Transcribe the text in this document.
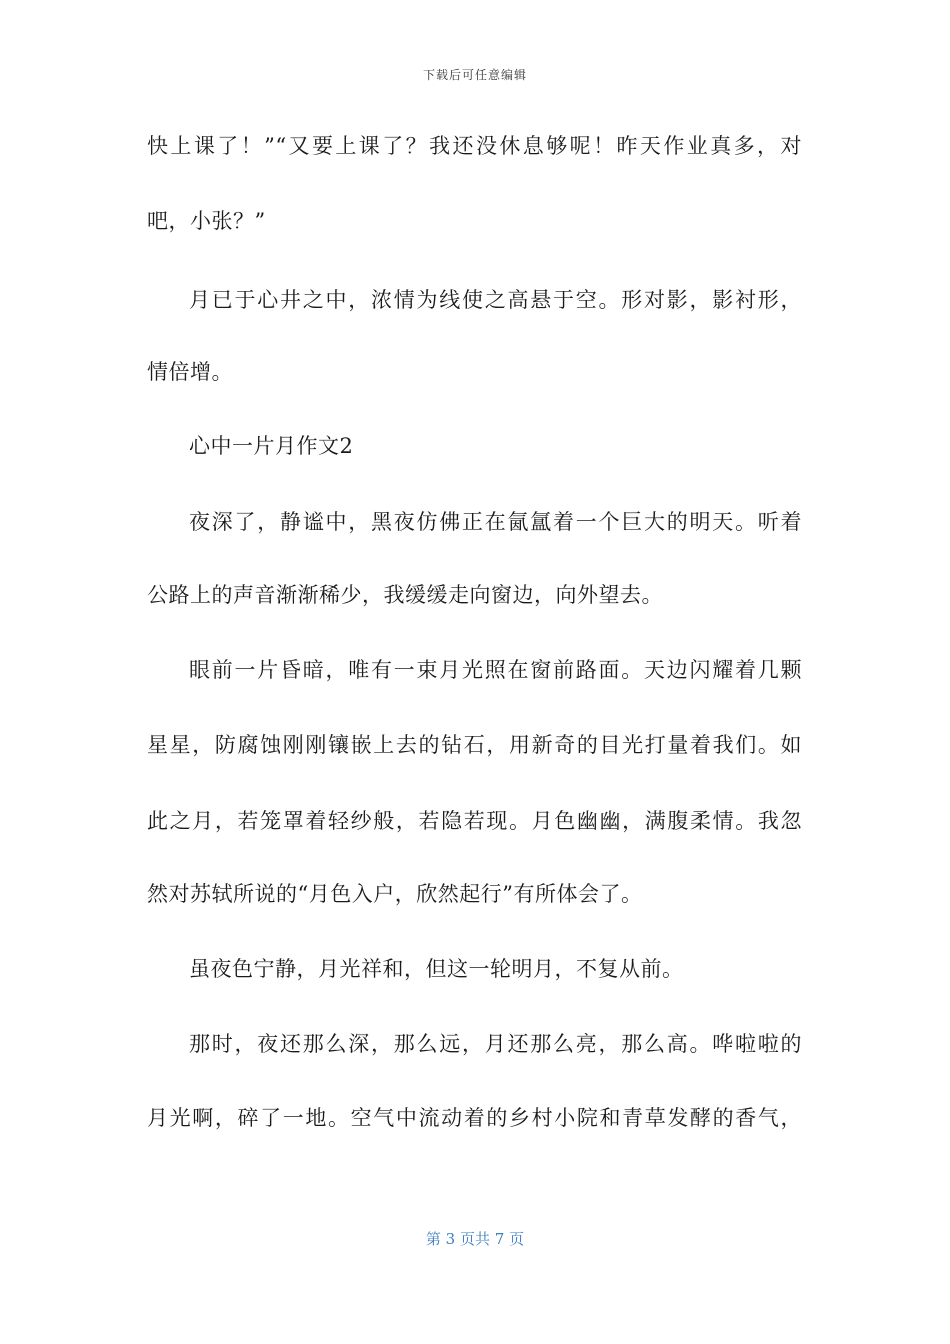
下载后可任意编辑
快上课了！”“又要上课了？我还没休息够呢！昨天作业真多，对
吧，小张？”
月已于心井之中，浓情为线使之高悬于空。形对影，影衬形，
情倍增。
心中一片月作文2
夜深了，静谧中，黑夜仿佛正在氤氲着一个巨大的明天。听着
公路上的声音渐渐稀少，我缓缓走向窗边，向外望去。
眼前一片昏暗，唯有一束月光照在窗前路面。天边闪耀着几颗
星星，防腐蚀刚刚镶嵌上去的钻石，用新奇的目光打量着我们。如
此之月，若笼罩着轻纱般，若隐若现。月色幽幽，满腹柔情。我忽
然对苏轼所说的“月色入户，欣然起行”有所体会了。
虽夜色宁静，月光祥和，但这一轮明月，不复从前。
那时，夜还那么深，那么远，月还那么亮，那么高。哗啦啦的
月光啊，碎了一地。空气中流动着的乡村小院和青草发酵的香气，
第 3 页共 7 页
